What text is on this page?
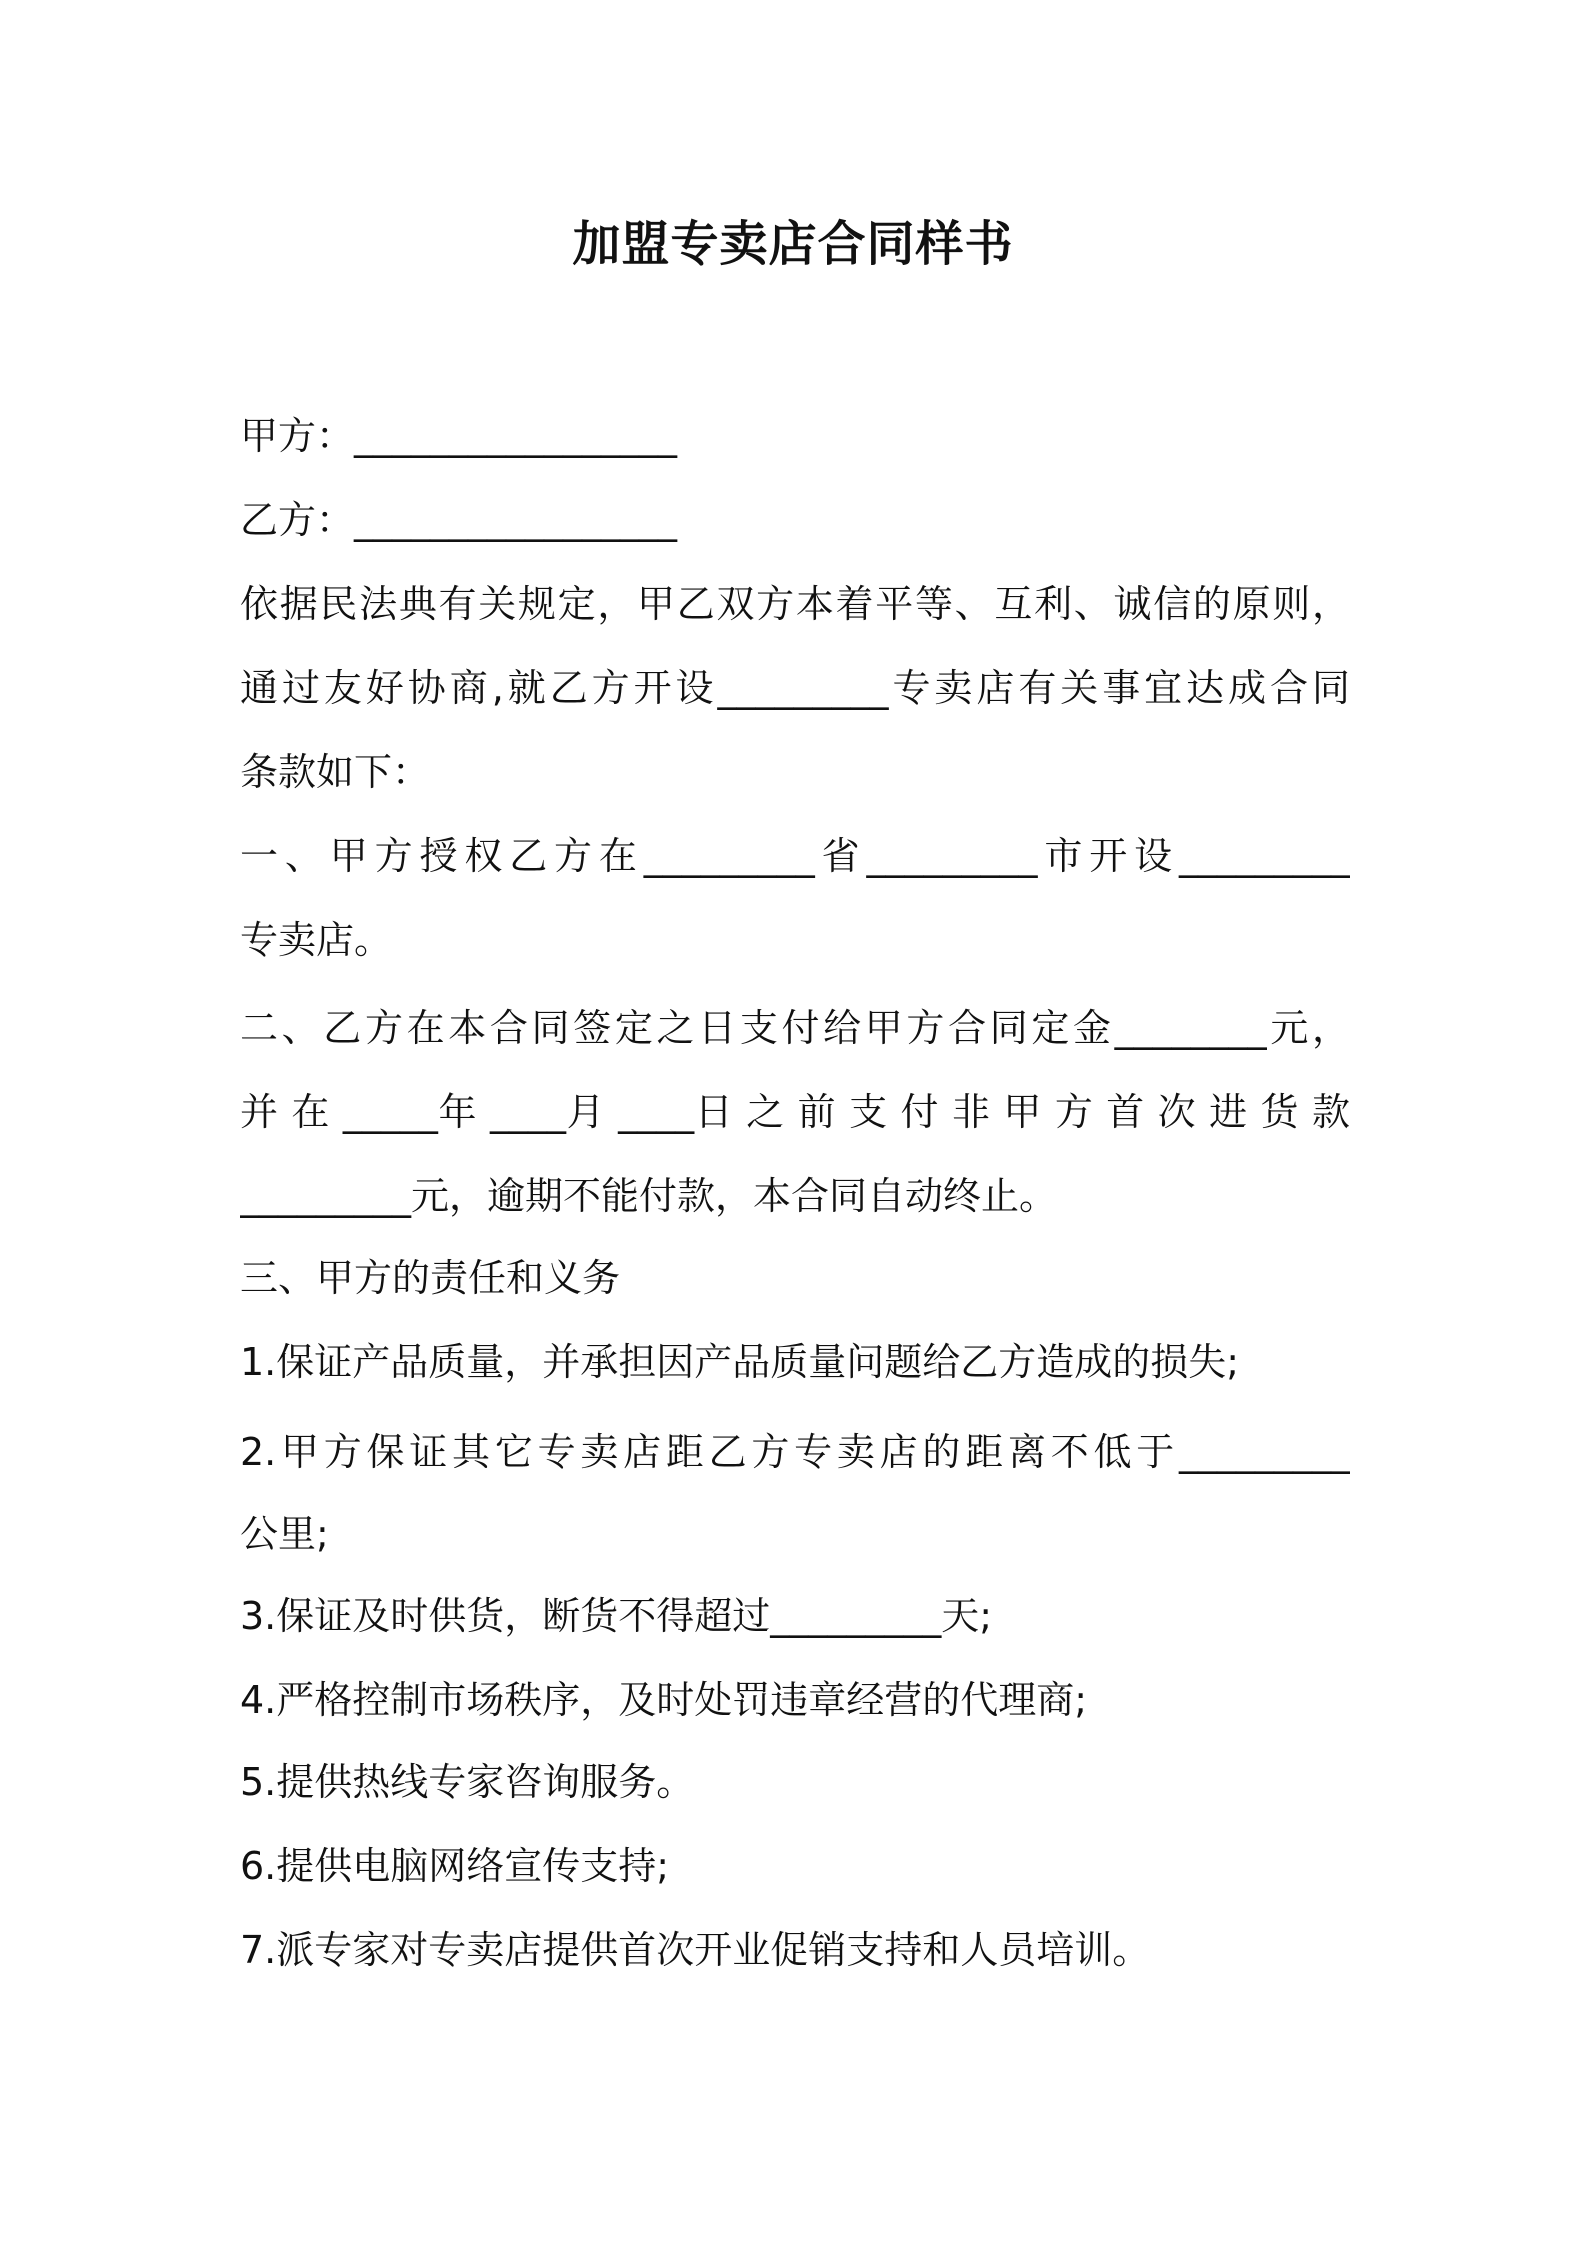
加盟专卖店合同样书
甲方：_________________
乙方：_________________
依据民法典有关规定，甲乙双方本着平等、互利、诚信的原则，
通过友好协商,就乙方开设_________专卖店有关事宜达成合同
条款如下：
一、甲方授权乙方在_________省_________市开设_________
专卖店。
二、乙方在本合同签定之日支付给甲方合同定金________元，
并 在 _____年 ____月 ____日 之 前 支 付 非 甲 方 首 次 进 货 款
_________元，逾期不能付款，本合同自动终止。
三、甲方的责任和义务
1.保证产品质量，并承担因产品质量问题给乙方造成的损失;
2.甲方保证其它专卖店距乙方专卖店的距离不低于_________
公里;
3.保证及时供货，断货不得超过_________天;
4.严格控制市场秩序，及时处罚违章经营的代理商;
5.提供热线专家咨询服务。
6.提供电脑网络宣传支持;
7.派专家对专卖店提供首次开业促销支持和人员培训。
